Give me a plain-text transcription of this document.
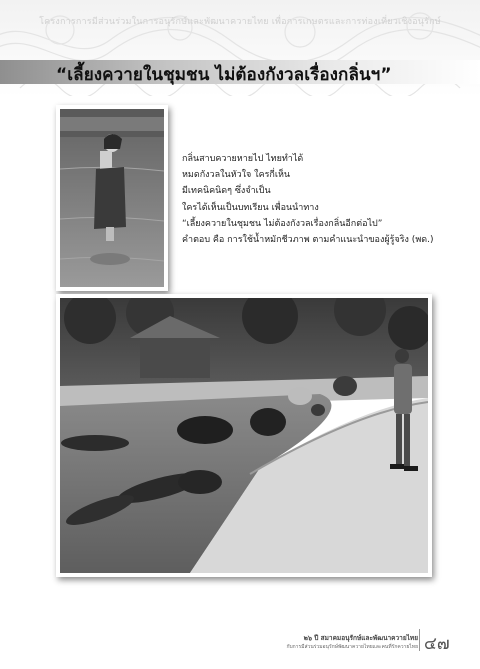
โครงการการมีส่วนร่วมในการอนุรักษ์และพัฒนาควายไทย เพื่อการเกษตรและการท่องเที่ยวเชิงอนุรักษ์
“เลี้ยงควายในชุมชน ไม่ต้องกังวลเรื่องกลิ่นฯ”
กลิ่นสาบควายหายไป ไทยทำได้
หมดกังวลในหัวใจ ใครกี่เห็น
มีเทคนิคนิดๆ ซึ่งจำเป็น
ใครได้เห็นเป็นบทเรียน เพื่อนนำทาง
“เลี้ยงควายในชุมชน ไม่ต้องกังวลเรื่องกลิ่นอีกต่อไป”
คำตอบ คือ การใช้น้ำหมักชีวภาพ ตามคำแนะนำของผู้รู้จริง (พด.)
๒๖ ปี สมาคมอนุรักษ์และพัฒนาควายไทย
กับการมีส่วนร่วมอนุรักษ์พัฒนาควายไทยและคนที่รักควายไทย ๔๗
